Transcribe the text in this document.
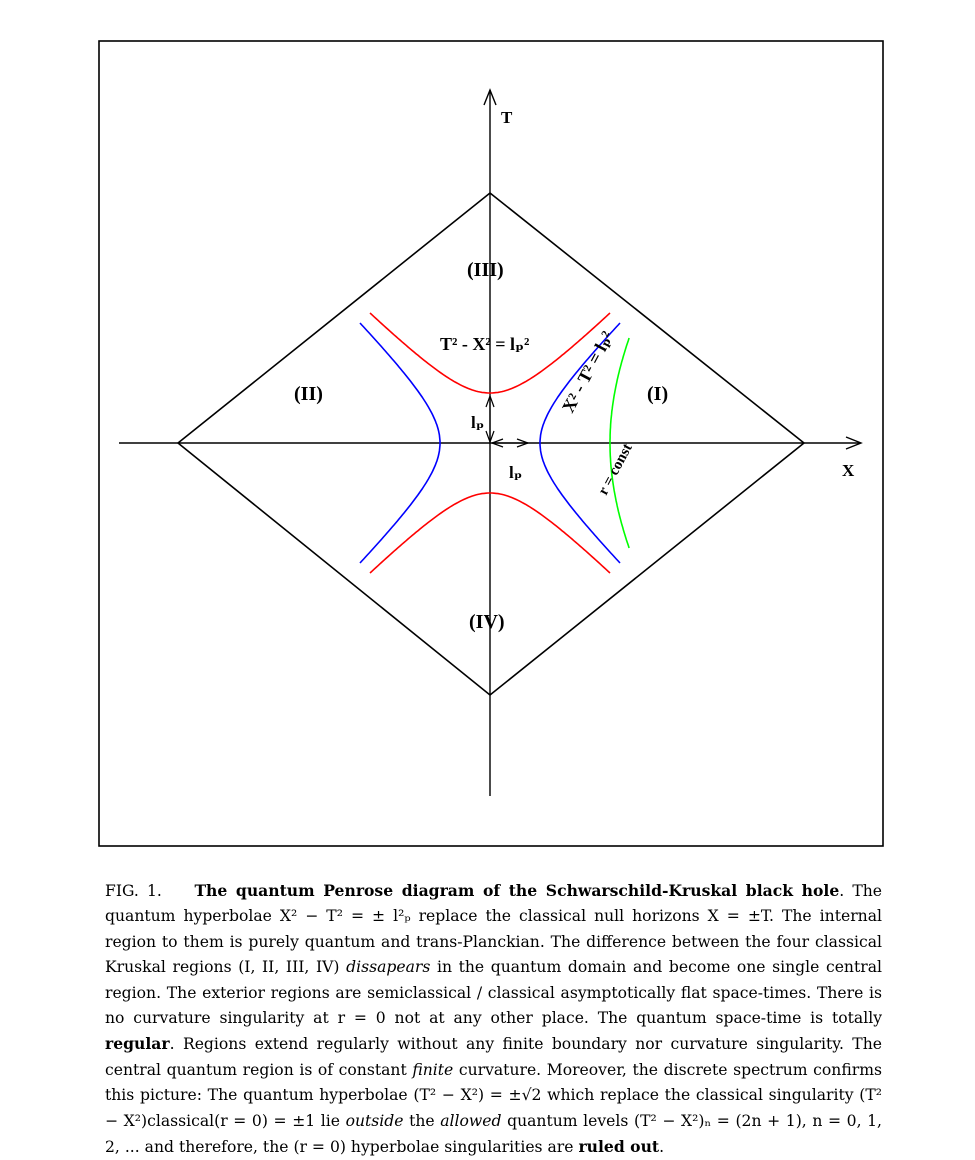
T
X
(III)
(II)	(I)
(IV)
T² - X² = lₚ² X² - T² = lₚ²
r = const
lₚ
lₚ

FIG. 1. The quantum Penrose diagram of the Schwarschild-Kruskal black hole. The quantum hyperbolae X² − T² = ± l²ₚ replace the classical null horizons X = ±T. The internal region to them is purely quantum and trans-Planckian. The difference between the four classical Kruskal regions (I, II, III, IV) dissapears in the quantum domain and become one single central region. The exterior regions are semiclassical / classical asymptotically flat space-times. There is no curvature singularity at r = 0 not at any other place. The quantum space-time is totally regular. Regions extend regularly without any finite boundary nor curvature singularity. The central quantum region is of constant finite curvature. Moreover, the discrete spectrum confirms this picture: The quantum hyperbolae (T² − X²) = ±√2 which replace the classical singularity (T² − X²)classical(r = 0) = ±1 lie outside the allowed quantum levels (T² − X²)ₙ = (2n + 1), n = 0, 1, 2, ... and therefore, the (r = 0) hyperbolae singularities are ruled out.
